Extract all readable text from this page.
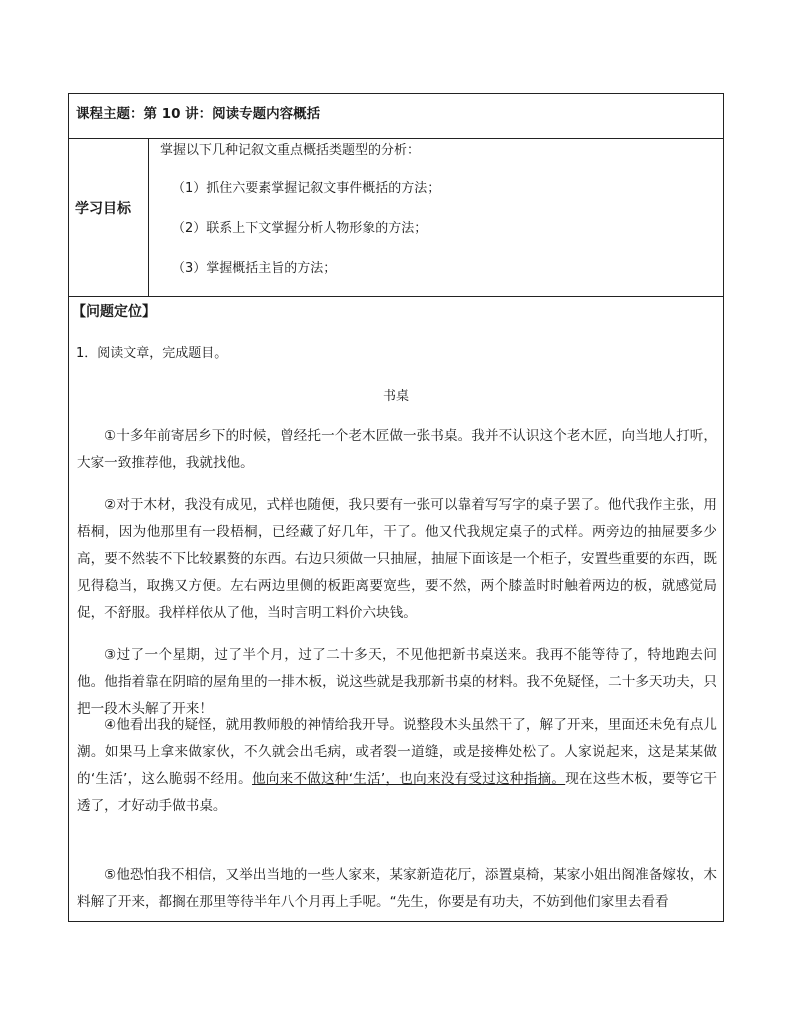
课程主题：第 10 讲：阅读专题内容概括
学习目标
掌握以下几种记叙文重点概括类题型的分析：
（1）抓住六要素掌握记叙文事件概括的方法；
（2）联系上下文掌握分析人物形象的方法；
（3）掌握概括主旨的方法；
【问题定位】
1．阅读文章，完成题目。
书桌

①十多年前寄居乡下的时候，曾经托一个老木匠做一张书桌。我并不认识这个老木匠，向当地人打听，大家一致推荐他，我就找他。

②对于木材，我没有成见，式样也随便，我只要有一张可以靠着写写字的桌子罢了。他代我作主张，用梧桐，因为他那里有一段梧桐，已经藏了好几年，干了。他又代我规定桌子的式样。两旁边的抽屉要多少高，要不然装不下比较累赘的东西。右边只须做一只抽屉，抽屉下面该是一个柜子，安置些重要的东西，既见得稳当，取携又方便。左右两边里侧的板距离要宽些，要不然，两个膝盖时时触着两边的板，就感觉局促，不舒服。我样样依从了他，当时言明工料价六块钱。

③过了一个星期，过了半个月，过了二十多天，不见他把新书桌送来。我再不能等待了，特地跑去问他。他指着靠在阴暗的屋角里的一排木板，说这些就是我那新书桌的材料。我不免疑怪，二十多天功夫，只把一段木头解了开来！

④他看出我的疑怪，就用教师般的神情给我开导。说整段木头虽然干了，解了开来，里面还未免有点儿潮。如果马上拿来做家伙，不久就会出毛病，或者裂一道缝，或是接榫处松了。人家说起来，这是某某做的‘生活’，这么脆弱不经用。他向来不做这种‘生活’，也向来没有受过这种指摘。现在这些木板，要等它干透了，才好动手做书桌。

⑤他恐怕我不相信，又举出当地的一些人家来，某家新造花厅，添置桌椅，某家小姐出阁准备嫁妆，木料解了开来，都搁在那里等待半年八个月再上手呢。“先生，你要是有功夫，不妨到他们家里去看看
